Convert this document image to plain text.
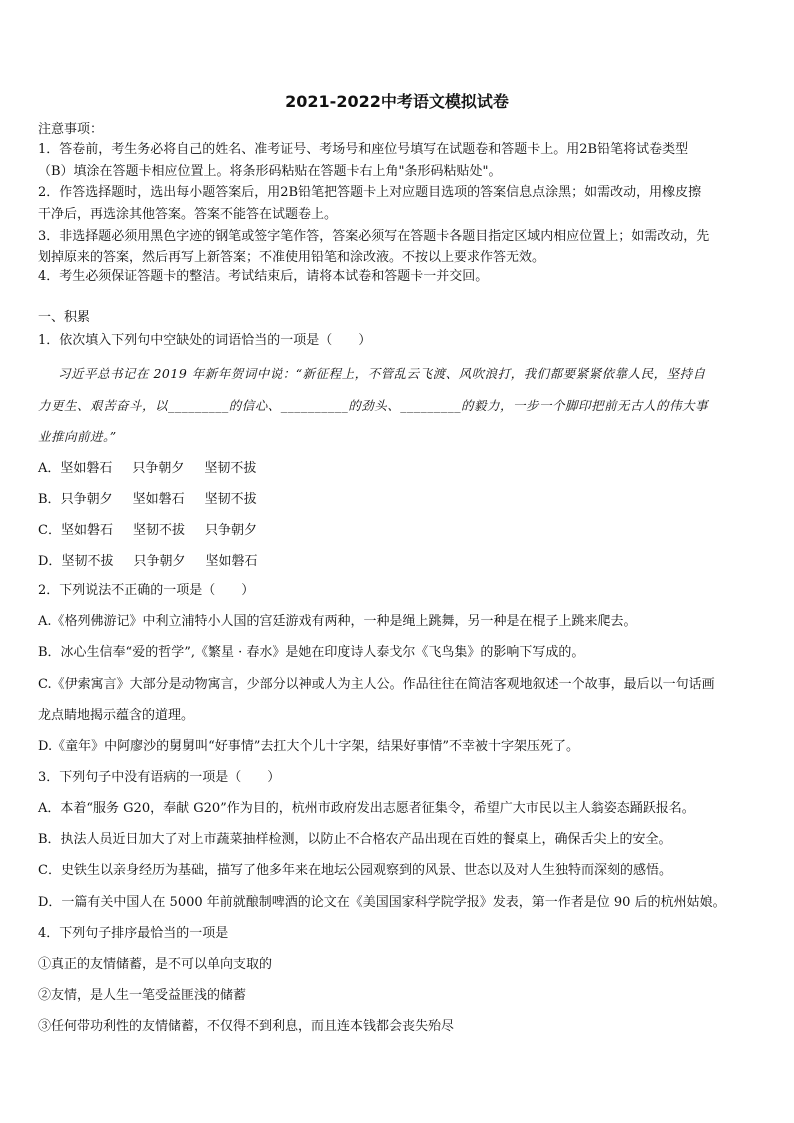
2021-2022中考语文模拟试卷
注意事项：
1．答卷前，考生务必将自己的姓名、准考证号、考场号和座位号填写在试题卷和答题卡上。用2B铅笔将试卷类型
（B）填涂在答题卡相应位置上。将条形码粘贴在答题卡右上角"条形码粘贴处"。
2．作答选择题时，选出每小题答案后，用2B铅笔把答题卡上对应题目选项的答案信息点涂黑；如需改动，用橡皮擦
干净后，再选涂其他答案。答案不能答在试题卷上。
3．非选择题必须用黑色字迹的钢笔或签字笔作答，答案必须写在答题卡各题目指定区域内相应位置上；如需改动，先
划掉原来的答案，然后再写上新答案；不准使用铅笔和涂改液。不按以上要求作答无效。
4．考生必须保证答题卡的整洁。考试结束后，请将本试卷和答题卡一并交回。
一、积累
1．依次填入下列句中空缺处的词语恰当的一项是（　　）
习近平总书记在 2019 年新年贺词中说：“新征程上，不管乱云飞渡、风吹浪打，我们都要紧紧依靠人民，坚持自
力更生、艰苦奋斗，以_________的信心、__________的劲头、_________的毅力，一步一个脚印把前无古人的伟大事
业推向前进。”
A．坚如磐石 只争朝夕 坚韧不拔
B．只争朝夕 坚如磐石 坚韧不拔
C．坚如磐石 坚韧不拔 只争朝夕
D．坚韧不拔 只争朝夕 坚如磐石
2．下列说法不正确的一项是（　　）
A.《格列佛游记》中利立浦特小人国的宫廷游戏有两种，一种是绳上跳舞，另一种是在棍子上跳来爬去。
B．冰心生信奉“爱的哲学”,《繁星 · 春水》是她在印度诗人泰戈尔《飞鸟集》的影响下写成的。
C.《伊索寓言》大部分是动物寓言，少部分以神或人为主人公。作品往往在简洁客观地叙述一个故事，最后以一句话画
龙点睛地揭示蕴含的道理。
D.《童年》中阿廖沙的舅舅叫“好事情”去扛大个儿十字架，结果好事情”不幸被十字架压死了。
3．下列句子中没有语病的一项是（　　）
A．本着“服务 G20，奉献 G20”作为目的，杭州市政府发出志愿者征集令，希望广大市民以主人翁姿态踊跃报名。
B．执法人员近日加大了对上市蔬菜抽样检测，以防止不合格农产品出现在百姓的餐桌上，确保舌尖上的安全。
C．史铁生以亲身经历为基础，描写了他多年来在地坛公园观察到的风景、世态以及对人生独特而深刻的感悟。
D．一篇有关中国人在 5000 年前就酿制啤酒的论文在《美国国家科学院学报》发表，第一作者是位 90 后的杭州姑娘。
4．下列句子排序最恰当的一项是
①真正的友情储蓄，是不可以单向支取的
②友情，是人生一笔受益匪浅的储蓄
③任何带功利性的友情储蓄，不仅得不到利息，而且连本钱都会丧失殆尽
